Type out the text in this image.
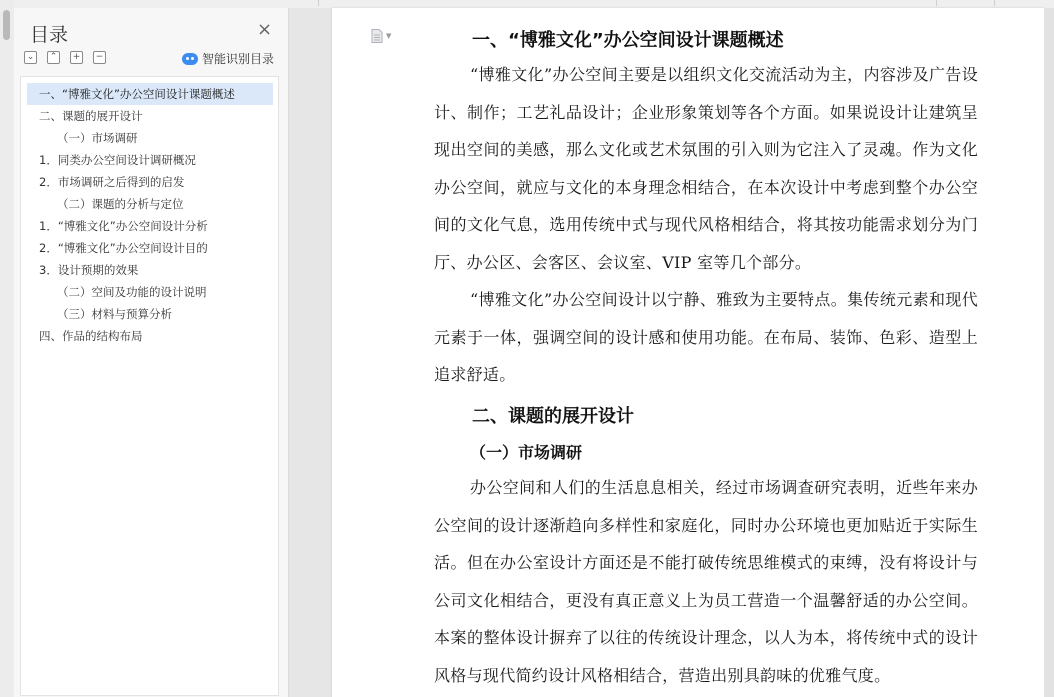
目录	×
⌄	⌃	+	−	智能识别目录
一、“博雅文化”办公空间设计课题概述
二、课题的展开设计
（一）市场调研
1．同类办公空间设计调研概况
2．市场调研之后得到的启发
（二）课题的分析与定位
1．“博雅文化”办公空间设计分析
2．“博雅文化”办公空间设计目的
3．设计预期的效果
（二）空间及功能的设计说明
（三）材料与预算分析
四、作品的结构布局
▼	一、“博雅文化”办公空间设计课题概述

“博雅文化”办公空间主要是以组织文化交流活动为主，内容涉及广告设计、制作；工艺礼品设计；企业形象策划等各个方面。如果说设计让建筑呈现出空间的美感，那么文化或艺术氛围的引入则为它注入了灵魂。作为文化办公空间，就应与文化的本身理念相结合，在本次设计中考虑到整个办公空间的文化气息，选用传统中式与现代风格相结合，将其按功能需求划分为门厅、办公区、会客区、会议室、VIP 室等几个部分。

“博雅文化”办公空间设计以宁静、雅致为主要特点。集传统元素和现代元素于一体，强调空间的设计感和使用功能。在布局、装饰、色彩、造型上追求舒适。

二、课题的展开设计
（一）市场调研

办公空间和人们的生活息息相关，经过市场调查研究表明，近些年来办公空间的设计逐渐趋向多样性和家庭化，同时办公环境也更加贴近于实际生活。但在办公室设计方面还是不能打破传统思维模式的束缚，没有将设计与公司文化相结合，更没有真正意义上为员工营造一个温馨舒适的办公空间。本案的整体设计摒弃了以往的传统设计理念，以人为本，将传统中式的设计风格与现代简约设计风格相结合，营造出别具韵味的优雅气度。
